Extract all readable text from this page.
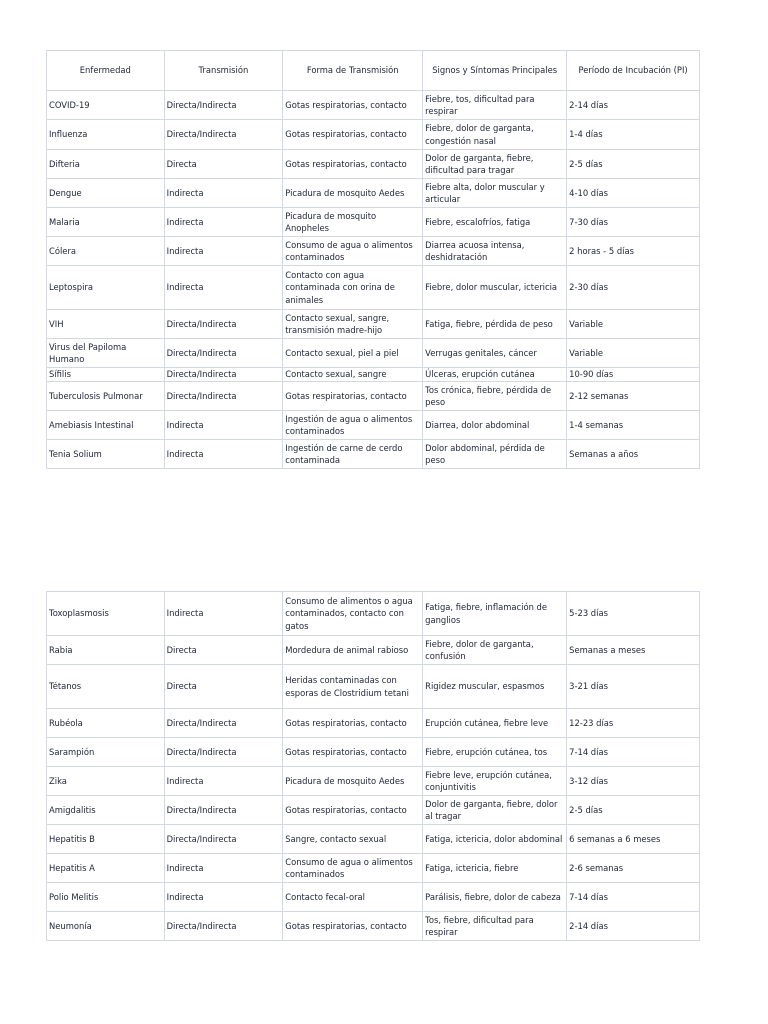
Enfermedad	Transmisión	Forma de Transmisión	Signos y Síntomas Principales	Período de Incubación (PI)
COVID-19	Directa/Indirecta	Gotas respiratorias, contacto	Fiebre, tos, dificultad para respirar	2-14 días
Influenza	Directa/Indirecta	Gotas respiratorias, contacto	Fiebre, dolor de garganta, congestión nasal	1-4 días
Difteria	Directa	Gotas respiratorias, contacto	Dolor de garganta, fiebre, dificultad para tragar	2-5 días
Dengue	Indirecta	Picadura de mosquito Aedes	Fiebre alta, dolor muscular y articular	4-10 días
Malaria	Indirecta	Picadura de mosquito Anopheles	Fiebre, escalofríos, fatiga	7-30 días
Cólera	Indirecta	Consumo de agua o alimentos contaminados	Diarrea acuosa intensa, deshidratación	2 horas - 5 días
Leptospira	Indirecta	Contacto con agua contaminada con orina de animales	Fiebre, dolor muscular, ictericia	2-30 días
VIH	Directa/Indirecta	Contacto sexual, sangre, transmisión madre-hijo	Fatiga, fiebre, pérdida de peso	Variable
Virus del Papiloma Humano	Directa/Indirecta	Contacto sexual, piel a piel	Verrugas genitales, cáncer	Variable
Sífilis	Directa/Indirecta	Contacto sexual, sangre	Úlceras, erupción cutánea	10-90 días
Tuberculosis Pulmonar	Directa/Indirecta	Gotas respiratorias, contacto	Tos crónica, fiebre, pérdida de peso	2-12 semanas
Amebiasis Intestinal	Indirecta	Ingestión de agua o alimentos contaminados	Diarrea, dolor abdominal	1-4 semanas
Tenia Solium	Indirecta	Ingestión de carne de cerdo contaminada	Dolor abdominal, pérdida de peso	Semanas a años
Toxoplasmosis	Indirecta	Consumo de alimentos o agua contaminados, contacto con gatos	Fatiga, fiebre, inflamación de ganglios	5-23 días
Rabia	Directa	Mordedura de animal rabioso	Fiebre, dolor de garganta, confusión	Semanas a meses
Tétanos	Directa	Heridas contaminadas con esporas de Clostridium tetani	Rigidez muscular, espasmos	3-21 días
Rubéola	Directa/Indirecta	Gotas respiratorias, contacto	Erupción cutánea, fiebre leve	12-23 días
Sarampión	Directa/Indirecta	Gotas respiratorias, contacto	Fiebre, erupción cutánea, tos	7-14 días
Zika	Indirecta	Picadura de mosquito Aedes	Fiebre leve, erupción cutánea, conjuntivitis	3-12 días
Amigdalitis	Directa/Indirecta	Gotas respiratorias, contacto	Dolor de garganta, fiebre, dolor al tragar	2-5 días
Hepatitis B	Directa/Indirecta	Sangre, contacto sexual	Fatiga, ictericia, dolor abdominal	6 semanas a 6 meses
Hepatitis A	Indirecta	Consumo de agua o alimentos contaminados	Fatiga, ictericia, fiebre	2-6 semanas
Polio Melitis	Indirecta	Contacto fecal-oral	Parálisis, fiebre, dolor de cabeza	7-14 días
Neumonía	Directa/Indirecta	Gotas respiratorias, contacto	Tos, fiebre, dificultad para respirar	2-14 días
